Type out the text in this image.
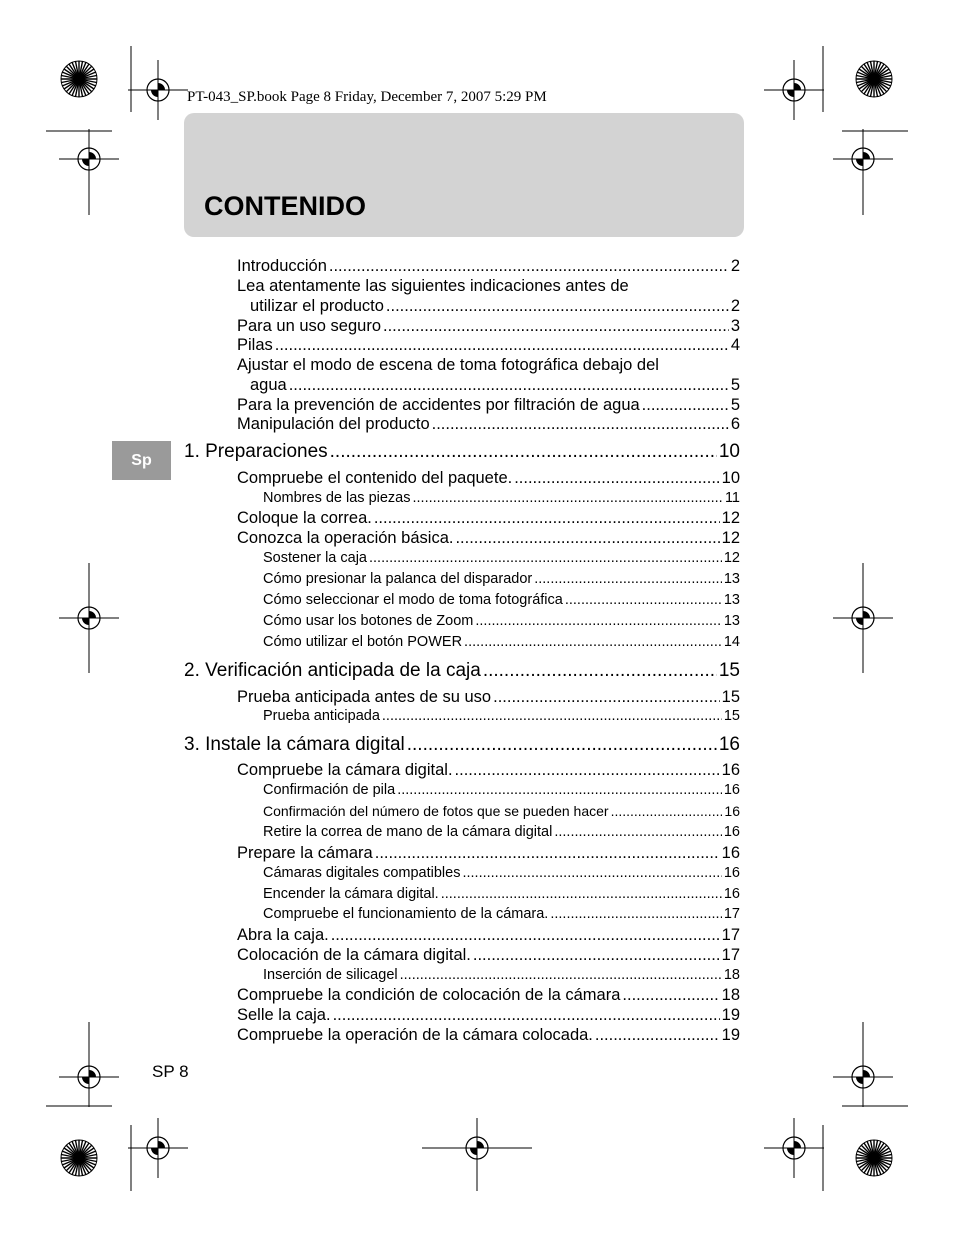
PT-043_SP.book Page 8 Friday, December 7, 2007 5:29 PM
CONTENIDO
Sp
Introducción .....	2
Lea atentamente las siguientes indicaciones antes de
utilizar el producto .....	2
Para un uso seguro .....	3
Pilas .....	4
Ajustar el modo de escena de toma fotográfica debajo del
agua .....	5
Para la prevención de accidentes por filtración de agua .....	5
Manipulación del producto .....	6
1. Preparaciones .....	10
Compruebe el contenido del paquete. .....	10
Nombres de las piezas .....	11
Coloque la correa. .....	12
Conozca la operación básica. .....	12
Sostener la caja .....	12
Cómo presionar la palanca del disparador .....	13
Cómo seleccionar el modo de toma fotográfica .....	13
Cómo usar los botones de Zoom .....	13
Cómo utilizar el botón POWER .....	14
2. Verificación anticipada de la caja .....	15
Prueba anticipada antes de su uso .....	15
Prueba anticipada .....	15
3. Instale la cámara digital .....	16
Compruebe la cámara digital. .....	16
Confirmación de pila .....	16
Confirmación del número de fotos que se pueden hacer .....	16
Retire la correa de mano de la cámara digital .....	16
Prepare la cámara .....	16
Cámaras digitales compatibles .....	16
Encender la cámara digital. .....	16
Compruebe el funcionamiento de la cámara. .....	17
Abra la caja. .....	17
Colocación de la cámara digital. .....	17
Inserción de silicagel .....	18
Compruebe la condición de colocación de la cámara .....	18
Selle la caja. .....	19
Compruebe la operación de la cámara colocada. .....	19
SP 8
